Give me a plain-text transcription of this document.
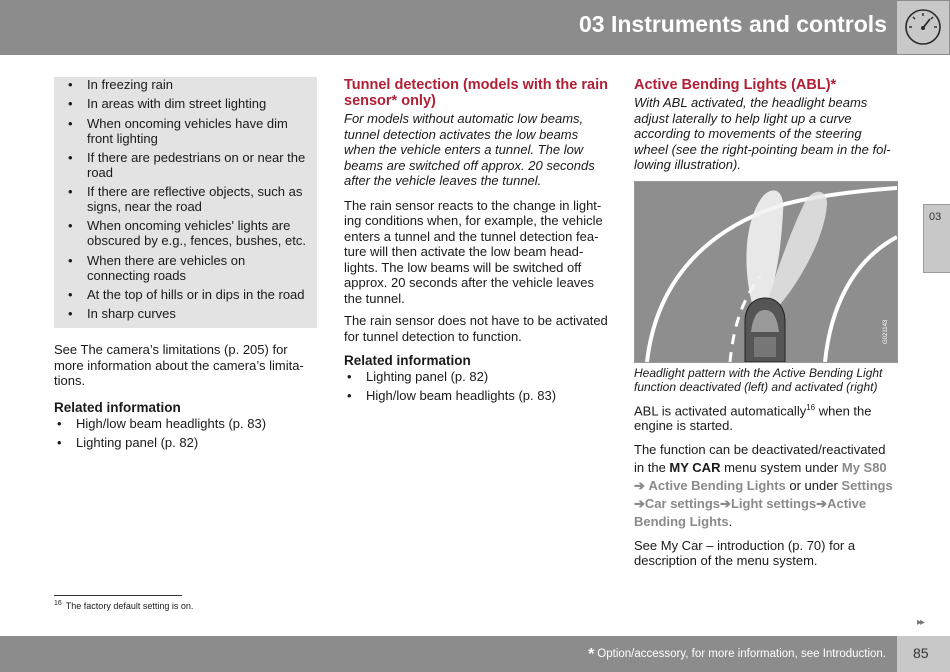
03 Instruments and controls
03
• In freezing rain
• In areas with dim street lighting
• When oncoming vehicles have dim front lighting
• If there are pedestrians on or near the road
• If there are reflective objects, such as signs, near the road
• When oncoming vehicles' lights are obscured by e.g., fences, bushes, etc.
• When there are vehicles on connecting roads
• At the top of hills or in dips in the road
• In sharp curves

See The camera’s limitations (p. 205) for more information about the camera’s limita-tions.

Related information
• High/low beam headlights (p. 83)
• Lighting panel (p. 82)
Tunnel detection (models with the rain sensor* only)

For models without automatic low beams, tunnel detection activates the low beams when the vehicle enters a tunnel. The low beams are switched off approx. 20 seconds after the vehicle leaves the tunnel.

The rain sensor reacts to the change in light-ing conditions when, for example, the vehicle enters a tunnel and the tunnel detection fea-ture will then activate the low beam head-lights. The low beams will be switched off approx. 20 seconds after the vehicle leaves the tunnel.

The rain sensor does not have to be activated for tunnel detection to function.

Related information
• Lighting panel (p. 82)
• High/low beam headlights (p. 83)
Active Bending Lights (ABL)*

With ABL activated, the headlight beams adjust laterally to help light up a curve according to movements of the steering wheel (see the right-pointing beam in the fol-lowing illustration).

G021143
Headlight pattern with the Active Bending Light function deactivated (left) and activated (right)

ABL is activated automatically$^{16}$ when the engine is started.

The function can be deactivated/reactivated in the MY CAR menu system under My S80 ➔ Active Bending Lights or under Settings ➔Car settings➔Light settings➔Active Bending Lights.

See My Car – introduction (p. 70) for a description of the menu system.

$^{16}$ The factory default setting is on.
▸▸
* Option/accessory, for more information, see Introduction. 85
